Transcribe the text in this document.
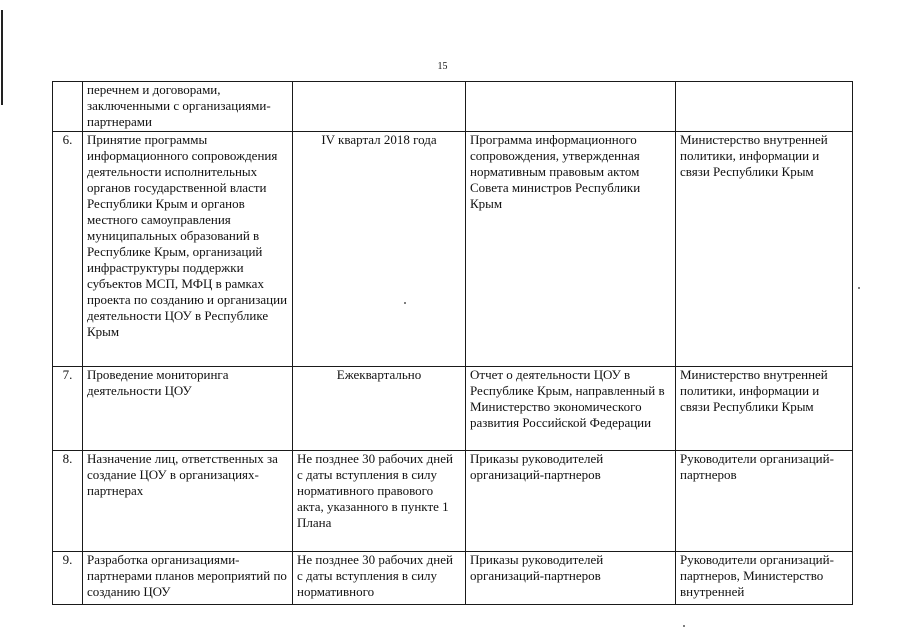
15
	перечнем и договорами, заключенными с организациями-партнерами			
6.	Принятие программы информационного сопровождения деятельности исполнительных органов государственной власти Республики Крым и органов местного самоуправления муниципальных образований в Республике Крым, организаций инфраструктуры поддержки субъектов МСП, МФЦ в рамках проекта по созданию и организации деятельности ЦОУ в Республике Крым	IV квартал 2018 года	Программа информационного сопровождения, утвержденная нормативным правовым актом Совета министров Республики Крым	Министерство внутренней политики, информации и связи Республики Крым
7.	Проведение мониторинга деятельности ЦОУ	Ежеквартально	Отчет о деятельности ЦОУ в Республике Крым, направленный в Министерство экономического развития Российской Федерации	Министерство внутренней политики, информации и связи Республики Крым
8.	Назначение лиц, ответственных за создание ЦОУ в организациях-партнерах	Не позднее 30 рабочих дней с даты вступления в силу нормативного правового акта, указанного в пункте 1 Плана	Приказы руководителей организаций-партнеров	Руководители организаций-партнеров
9.	Разработка организациями-партнерами планов мероприятий по созданию ЦОУ	Не позднее 30 рабочих дней с даты вступления в силу нормативного	Приказы руководителей организаций-партнеров	Руководители организаций-партнеров, Министерство внутренней
